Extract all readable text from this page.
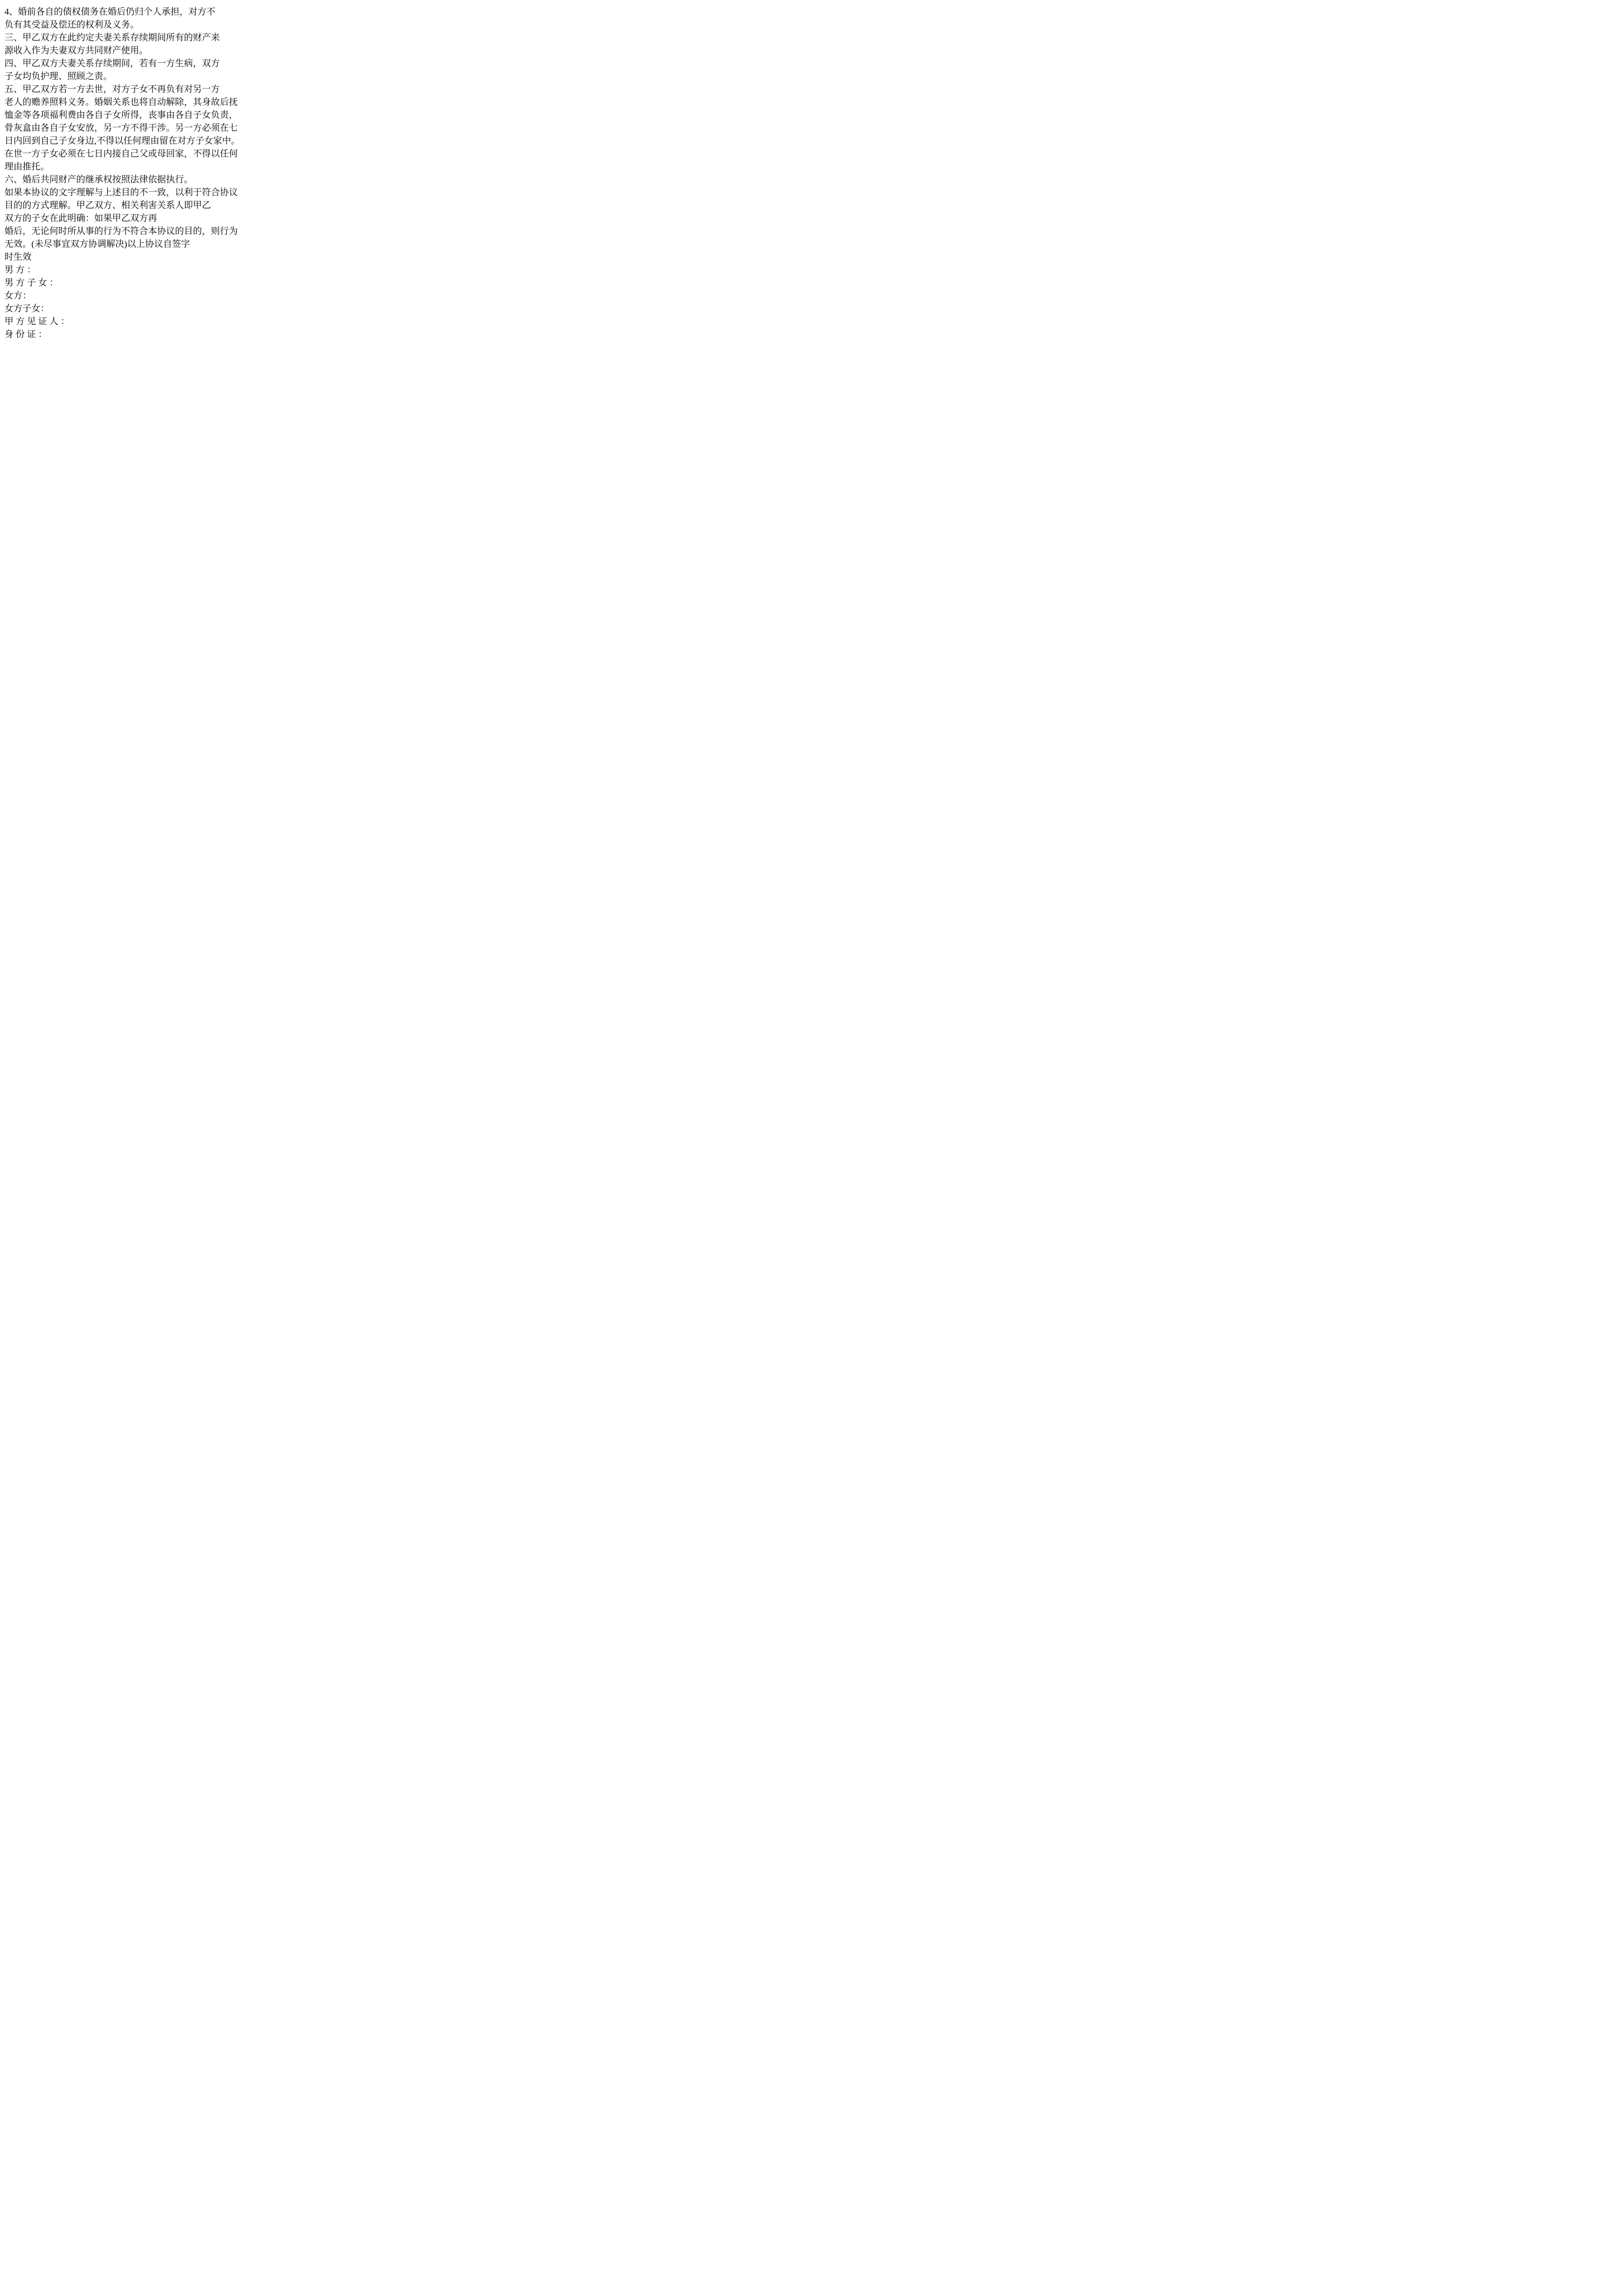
4、婚前各自的债权债务在婚后仍归个人承担，对方不
负有其受益及偿还的权利及义务。
三、甲乙双方在此约定夫妻关系存续期间所有的财产来
源收入作为夫妻双方共同财产使用。
四、甲乙双方夫妻关系存续期间，若有一方生病，双方
子女均负护理、照顾之责。
五、甲乙双方若一方去世，对方子女不再负有对另一方
老人的赡养照料义务。婚姻关系也将自动解除，其身故后抚
恤金等各项福利费由各自子女所得，丧事由各自子女负责，
骨灰盒由各自子女安放，另一方不得干涉。另一方必须在七
日内回到自己子女身边,不得以任何理由留在对方子女家中。
在世一方子女必须在七日内接自己父或母回家，不得以任何
理由推托。
六、婚后共同财产的继承权按照法律依据执行。
如果本协议的文字理解与上述目的不一致，以利于符合协议
目的的方式理解。甲乙双方、相关利害关系人即甲乙
双方的子女在此明确：如果甲乙双方再
婚后，无论何时所从事的行为不符合本协议的目的，则行为
无效。(未尽事宜双方协调解决)以上协议自签字
时生效
男 方 ：
男 方 子 女 ：
女方：
女方子女：
甲 方 见 证 人 ：
身 份 证 ：
